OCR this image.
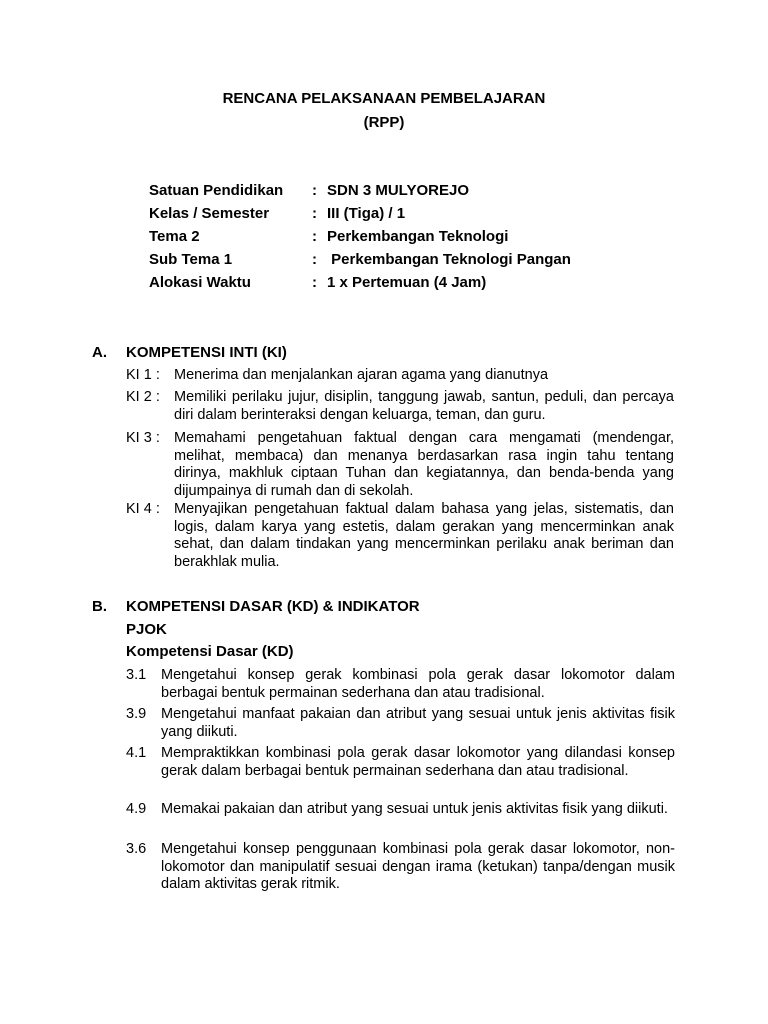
RENCANA PELAKSANAAN PEMBELAJARAN
(RPP)
Satuan Pendidikan : SDN 3 MULYOREJO
Kelas / Semester	: III (Tiga) / 1
Tema 2	: Perkembangan Teknologi
Sub Tema 1	: Perkembangan Teknologi Pangan
Alokasi Waktu	: 1 x Pertemuan (4 Jam)
A. KOMPETENSI INTI (KI)
KI 1 : Menerima dan menjalankan ajaran agama yang dianutnya
KI 2 : Memiliki perilaku jujur, disiplin, tanggung jawab, santun, peduli, dan percaya diri dalam berinteraksi dengan keluarga, teman, dan guru.
KI 3 : Memahami pengetahuan faktual dengan cara mengamati (mendengar, melihat, membaca) dan menanya berdasarkan rasa ingin tahu tentang dirinya, makhluk ciptaan Tuhan dan kegiatannya, dan benda-benda yang dijumpainya di rumah dan di sekolah.
KI 4 : Menyajikan pengetahuan faktual dalam bahasa yang jelas, sistematis, dan logis, dalam karya yang estetis, dalam gerakan yang mencerminkan anak sehat, dan dalam tindakan yang mencerminkan perilaku anak beriman dan berakhlak mulia.
B. KOMPETENSI DASAR (KD) & INDIKATOR
PJOK
Kompetensi Dasar (KD)
3.1 Mengetahui konsep gerak kombinasi pola gerak dasar lokomotor dalam berbagai bentuk permainan sederhana dan atau tradisional.
3.9 Mengetahui manfaat pakaian dan atribut yang sesuai untuk jenis aktivitas fisik yang diikuti.
4.1 Mempraktikkan kombinasi pola gerak dasar lokomotor yang dilandasi konsep gerak dalam berbagai bentuk permainan sederhana dan atau tradisional.
4.9 Memakai pakaian dan atribut yang sesuai untuk jenis aktivitas fisik yang diikuti.
3.6 Mengetahui konsep penggunaan kombinasi pola gerak dasar lokomotor, non-lokomotor dan manipulatif sesuai dengan irama (ketukan) tanpa/dengan musik dalam aktivitas gerak ritmik.
